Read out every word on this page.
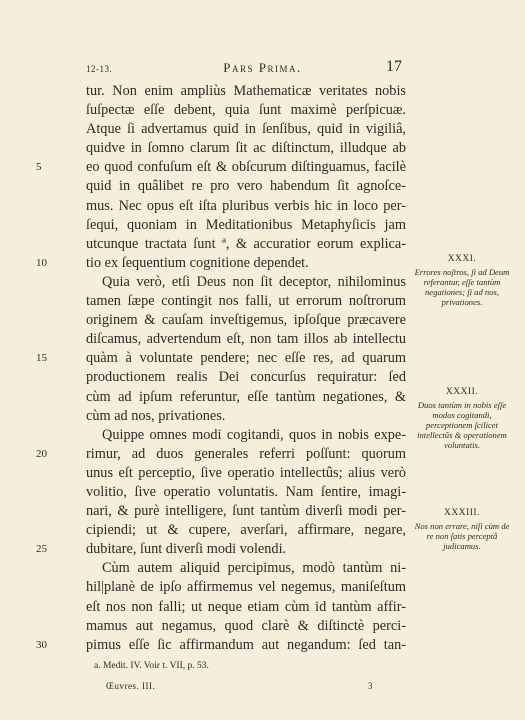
12-13.	Pars Prima.	17
tur. Non enim ampliùs Mathematicæ veritates nobis
ſuſpectæ eſſe debent, quia ſunt maximè perſpicuæ.
Atque ſi advertamus quid in ſenſibus, quid in vigiliâ,
quidve in ſomno clarum ſit ac diſtinctum, illudque ab
5	eo quod confuſum eſt & obſcurum diſtinguamus, facilè
quid in quâlibet re pro vero habendum ſit agnoſce-
mus. Nec opus eſt iſta pluribus verbis hic in loco per-
ſequi, quoniam in Meditationibus Metaphyſicis jam
utcunque tractata ſunt ª, & accuratior eorum explica-
10	tio ex ſequentium cognitione dependet.
Quia verò, etſi Deus non ſit deceptor, nihilominus
tamen ſæpe contingit nos falli, ut errorum noſtrorum
originem & cauſam inveſtigemus, ipſoſque præcavere
diſcamus, advertendum eſt, non tam illos ab intellectu
15	quàm à voluntate pendere; nec eſſe res, ad quarum
productionem realis Dei concurſus requiratur: ſed
cùm ad ipſum referuntur, eſſe tantùm negationes, &
cùm ad nos, privationes.
Quippe omnes modi cogitandi, quos in nobis expe-
20	rimur, ad duos generales referri poſſunt: quorum
unus eſt perceptio, ſive operatio intellectûs; alius verò
volitio, ſive operatio voluntatis. Nam ſentire, imagi-
nari, & purè intelligere, ſunt tantùm diverſi modi per-
cipiendi; ut & cupere, averſari, affirmare, negare,
25	dubitare, ſunt diverſi modi volendi.
Cùm autem aliquid percipimus, modò tantùm ni-
hil|planè de ipſo affirmemus vel negemus, maniſeſtum
eſt nos non falli; ut neque etiam cùm id tantùm affir-
mamus aut negamus, quod clarè & diſtinctè perci-
30	pimus eſſe ſic affirmandum aut negandum: ſed tan-
XXXI.
Errores noſtros, ſi ad Deum referantur, eſſe tantùm negationes; ſi ad nos, privationes.
XXXII.
Duos tantùm in nobis eſſe modos cogitandi, perceptionem ſcilicet intellectûs & operationem voluntatis.
XXXIII.
Nos non errare, niſi cùm de re non ſatis perceptâ judicamus.
a. Medit. IV. Voir t. VII, p. 53.
Œuvres. III.	3
